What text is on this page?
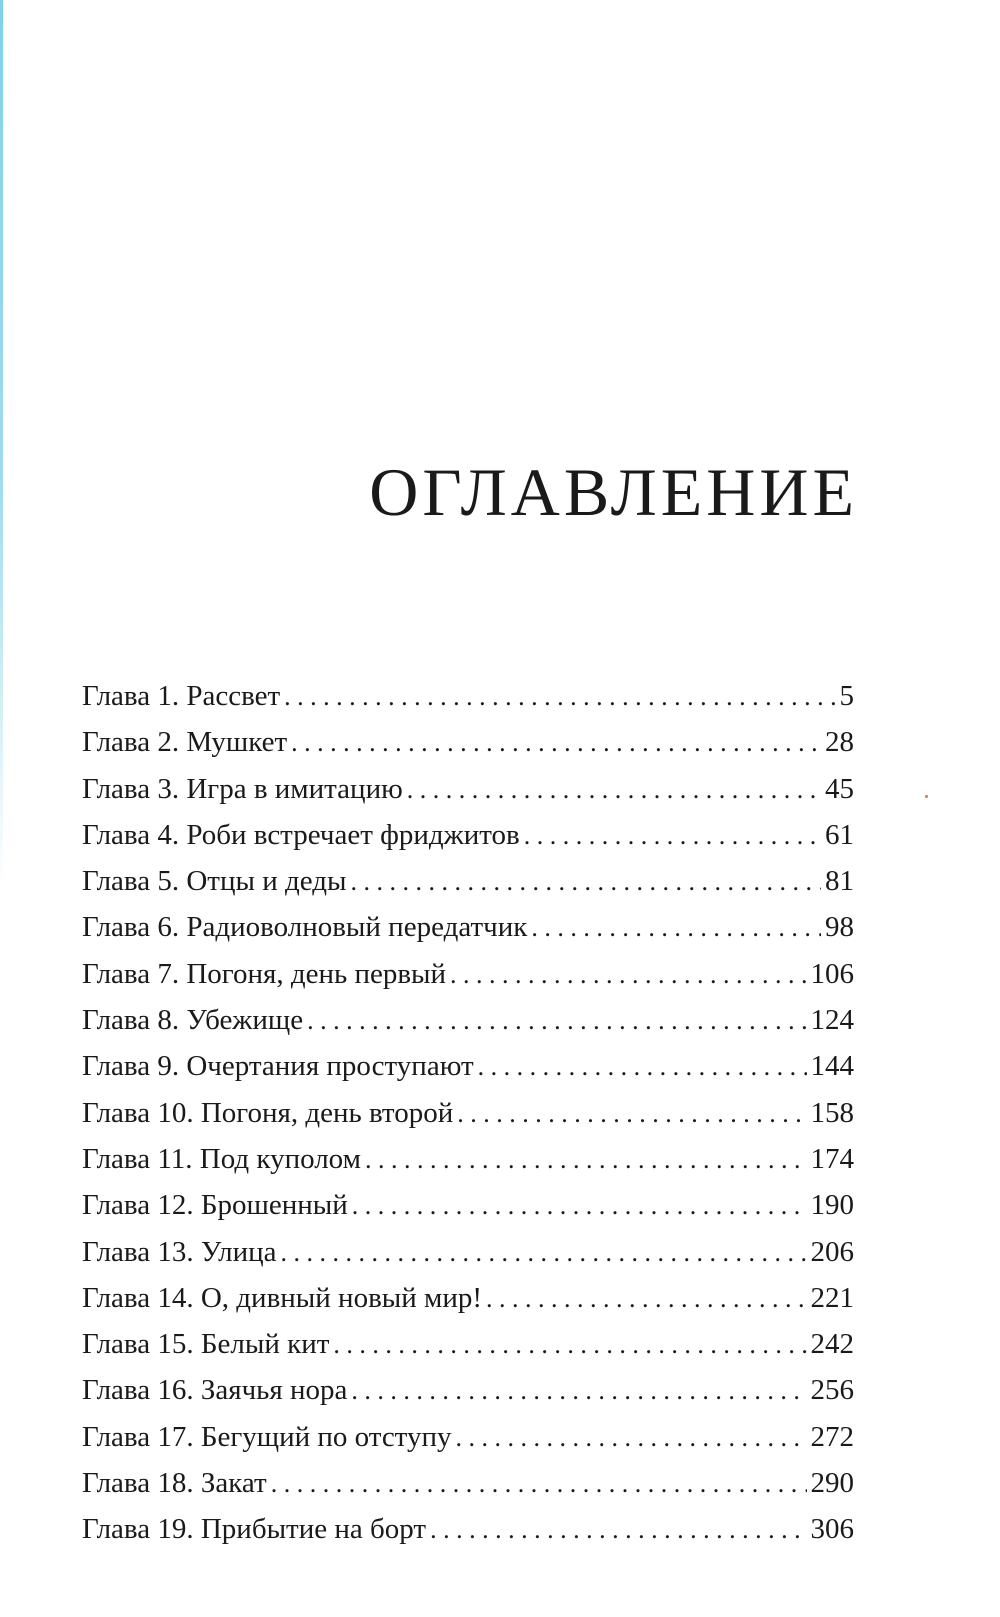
ОГЛАВЛЕНИЕ
Глава 1. Рассвет . . .	5
Глава 2. Мушкет . . .	28
Глава 3. Игра в имитацию . . .	45
Глава 4. Роби встречает фриджитов . . .	61
Глава 5. Отцы и деды . . .	81
Глава 6. Радиоволновый передатчик . . .	98
Глава 7. Погоня, день первый . . .	106
Глава 8. Убежище . . .	124
Глава 9. Очертания проступают . . .	144
Глава 10. Погоня, день второй . . .	158
Глава 11. Под куполом . . .	174
Глава 12. Брошенный . . .	190
Глава 13. Улица . . .	206
Глава 14. О, дивный новый мир! . . .	221
Глава 15. Белый кит . . .	242
Глава 16. Заячья нора . . .	256
Глава 17. Бегущий по отступу . . .	272
Глава 18. Закат . . .	290
Глава 19. Прибытие на борт . . .	306
